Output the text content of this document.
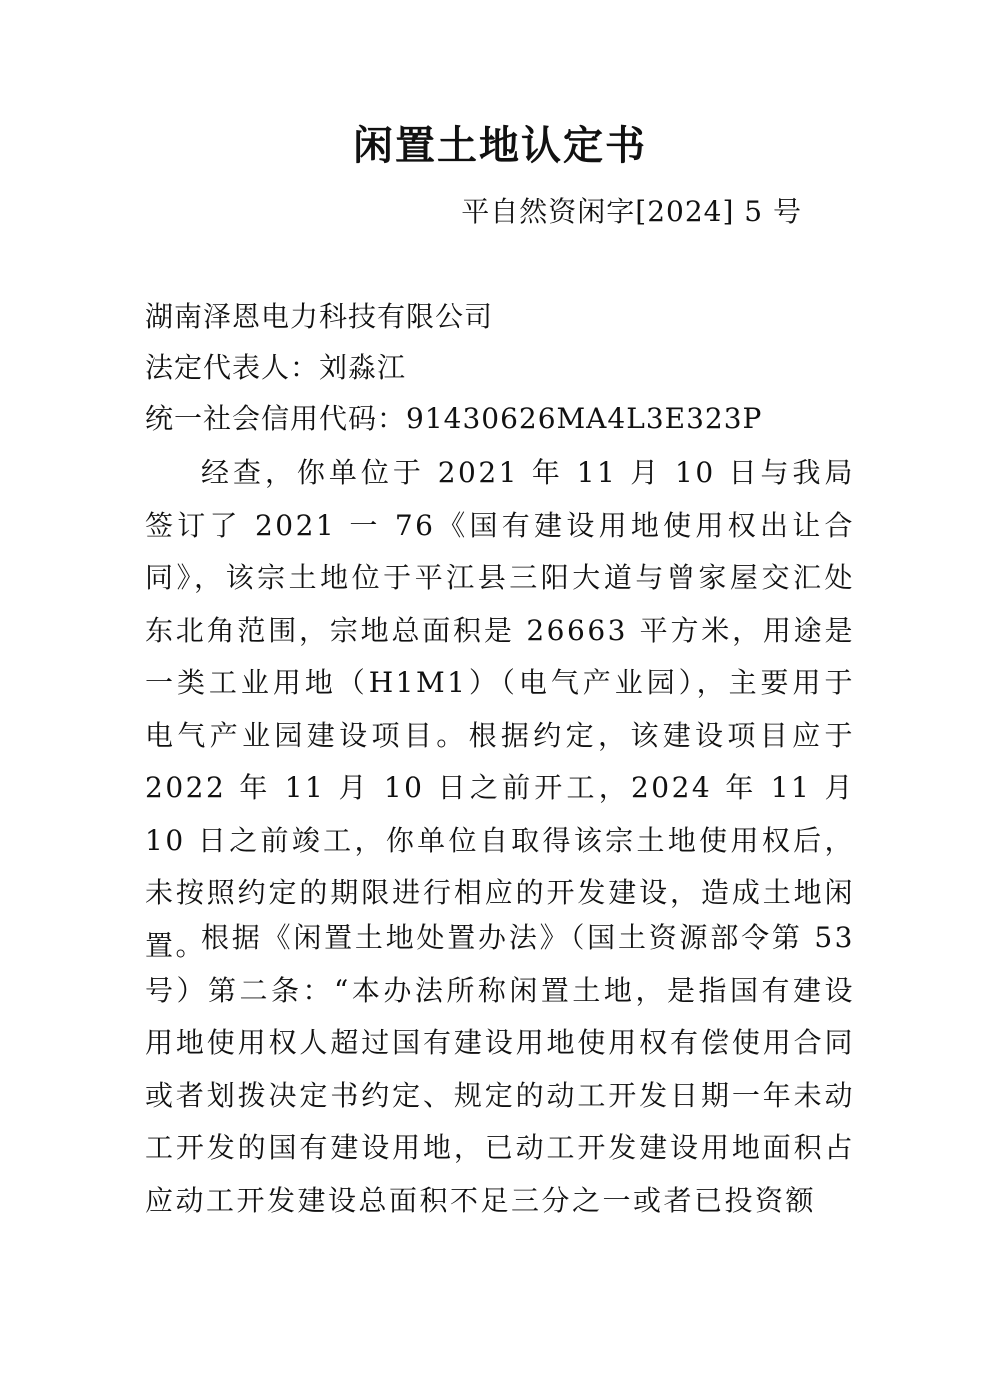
闲置土地认定书
平自然资闲字[2024] 5 号
湖南泽恩电力科技有限公司
法定代表人：刘淼江
统一社会信用代码：91430626MA4L3E323P
经查，你单位于 2021 年 11 月 10 日与我局签订了 2021 一 76《国有建设用地使用权出让合同》，该宗土地位于平江县三阳大道与曾家屋交汇处东北角范围，宗地总面积是 26663 平方米，用途是一类工业用地（H1M1）（电气产业园），主要用于电气产业园建设项目。根据约定，该建设项目应于 2022 年 11 月 10 日之前开工，2024 年 11 月 10 日之前竣工，你单位自取得该宗土地使用权后，未按照约定的期限进行相应的开发建设，造成土地闲置。
根据《闲置土地处置办法》（国土资源部令第 53 号）第二条：“本办法所称闲置土地，是指国有建设用地使用权人超过国有建设用地使用权有偿使用合同或者划拨决定书约定、规定的动工开发日期一年未动工开发的国有建设用地，已动工开发建设用地面积占应动工开发建设总面积不足三分之一或者已投资额
